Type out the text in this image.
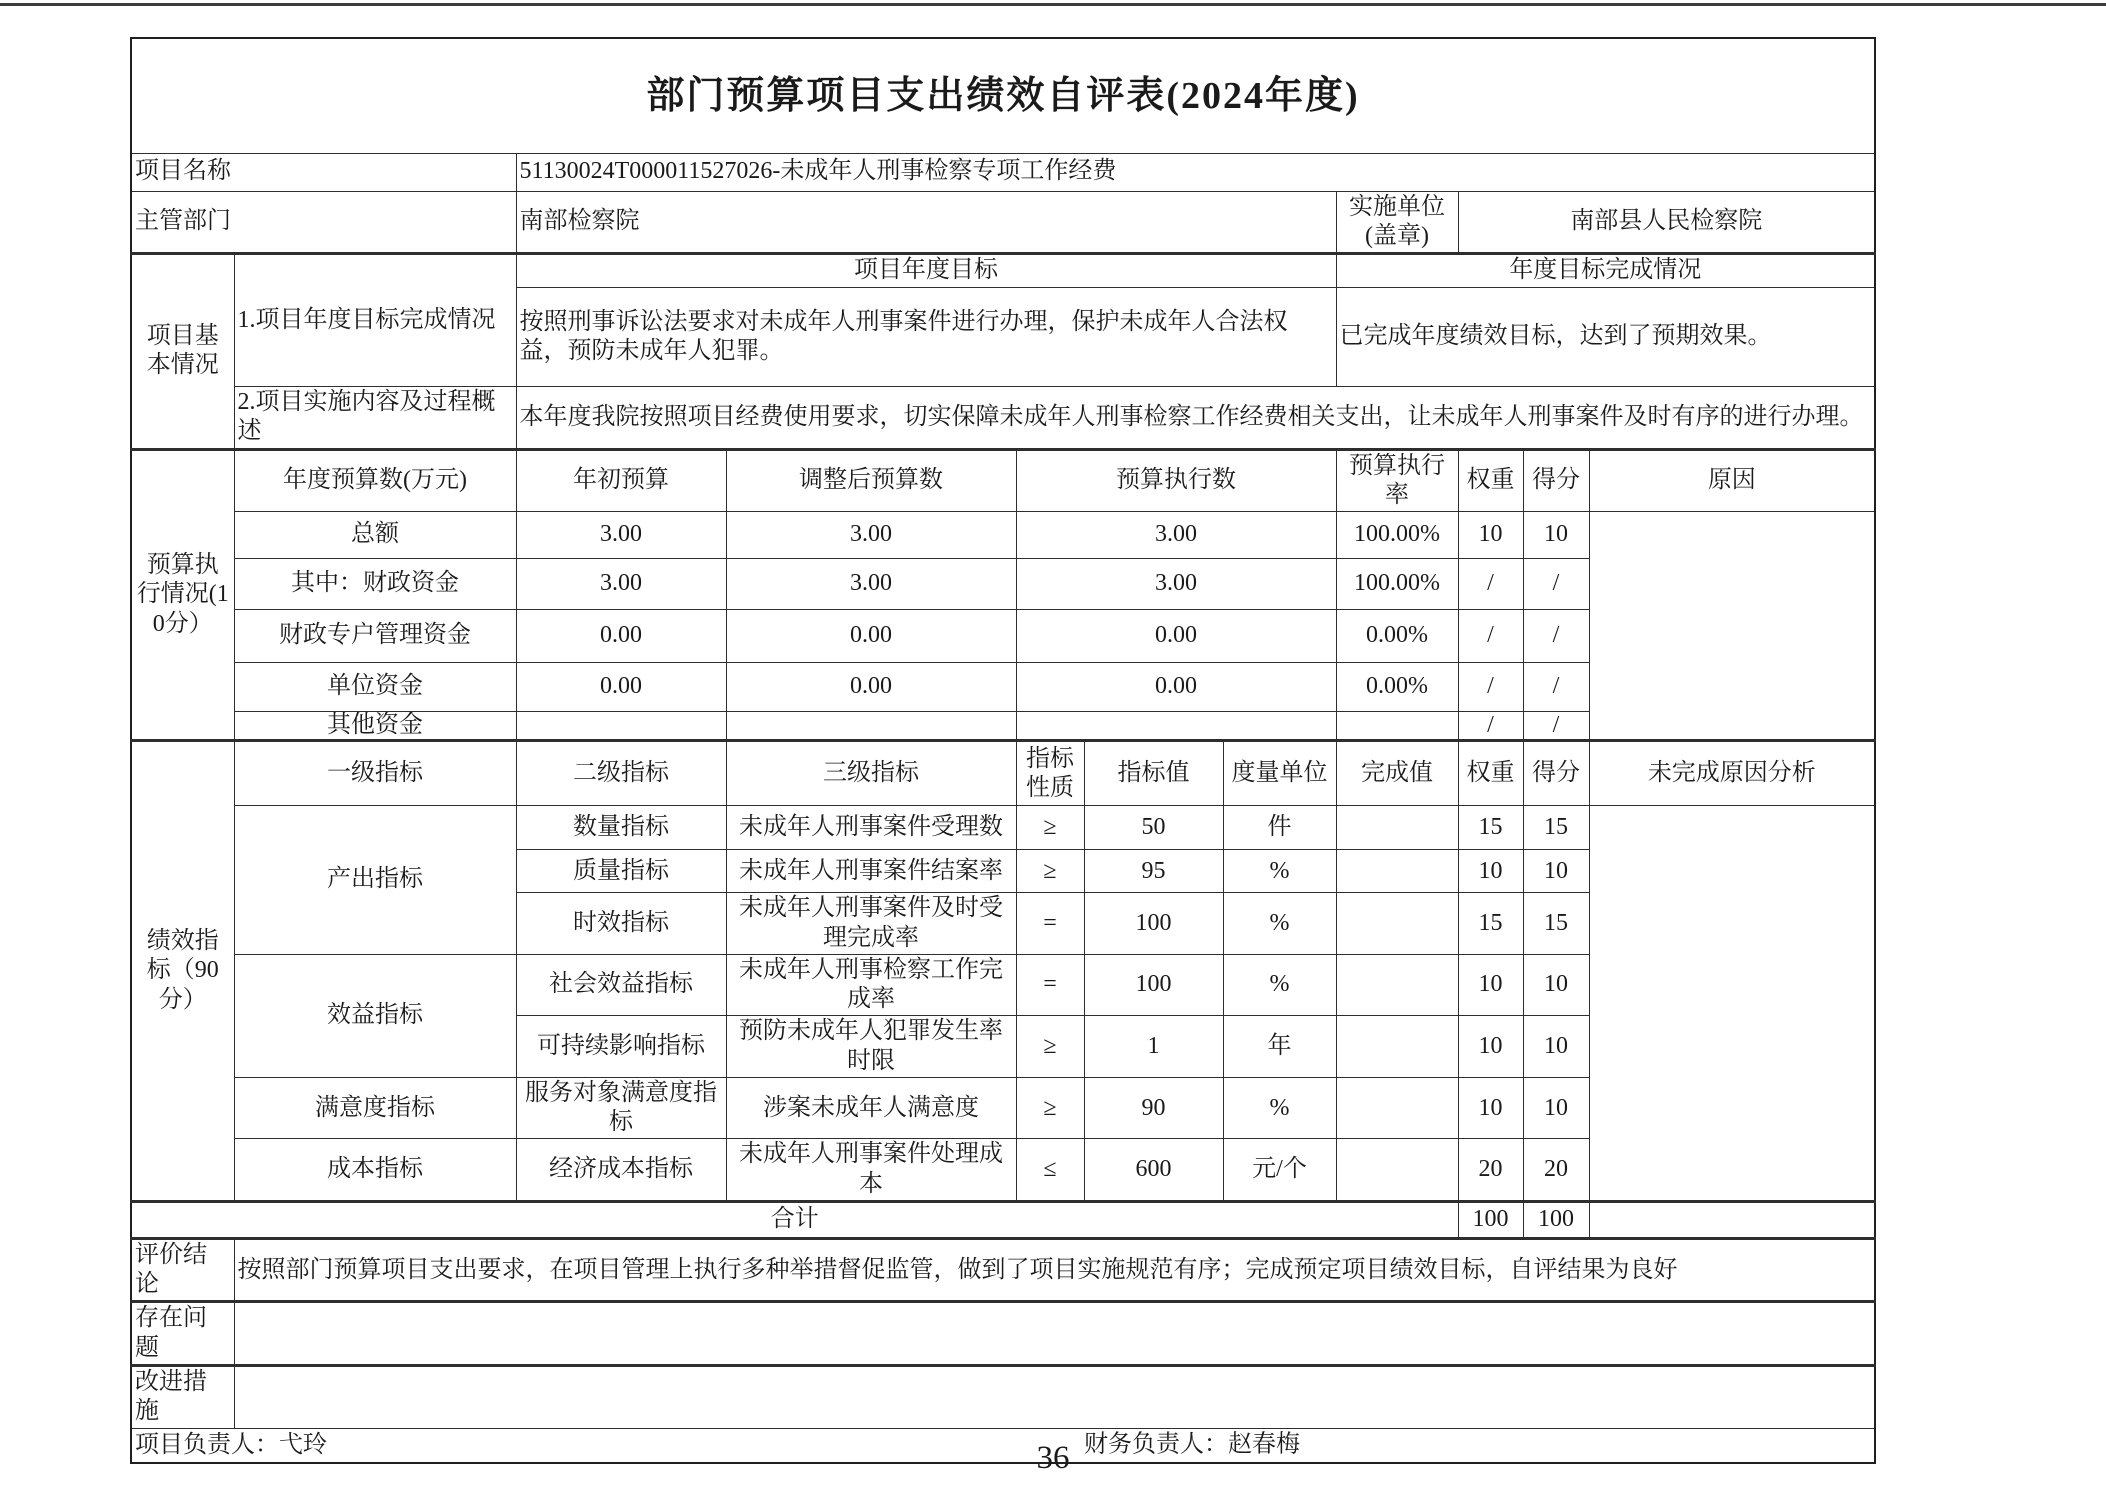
部门预算项目支出绩效自评表(2024年度)										
项目名称		51130024T000011527026-未成年人刑事检察专项工作经费								
主管部门		南部检察院					实施单位
(盖章)	南部县人民检察院		
项目基本情况	1.项目年度目标完成情况	项目年度目标					年度目标完成情况			
		按照刑事诉讼法要求对未成年人刑事案件进行办理，保护未成年人合法权益，预防未成年人犯罪。					已完成年度绩效目标，达到了预期效果。			
	2.项目实施内容及过程概述	本年度我院按照项目经费使用要求，切实保障未成年人刑事检察工作经费相关支出，让未成年人刑事案件及时有序的进行办理。								
预算执行情况(10分）	年度预算数(万元)	年初预算	调整后预算数	预算执行数			预算执行率	权重	得分	原因
	总额	3.00	3.00	3.00			100.00%	10	10	
	其中：财政资金	3.00	3.00	3.00			100.00%	/	/	
	财政专户管理资金	0.00	0.00	0.00			0.00%	/	/	
	单位资金	0.00	0.00	0.00			0.00%	/	/	
	其他资金							/	/	
绩效指标（90分）	一级指标	二级指标	三级指标	指标性质	指标值	度量单位	完成值	权重	得分	未完成原因分析
	产出指标	数量指标	未成年人刑事案件受理数	≥	50	件		15	15	
		质量指标	未成年人刑事案件结案率	≥	95	%		10	10	
		时效指标	未成年人刑事案件及时受理完成率	=	100	%		15	15	
	效益指标	社会效益指标	未成年人刑事检察工作完成率	=	100	%		10	10	
		可持续影响指标	预防未成年人犯罪发生率时限	≥	1	年		10	10	
	满意度指标	服务对象满意度指标	涉案未成年人满意度	≥	90	%		10	10	
	成本指标	经济成本指标	未成年人刑事案件处理成本	≤	600	元/个		20	20	
合计								100	100	
评价结论	按照部门预算项目支出要求，在项目管理上执行多种举措督促监管，做到了项目实施规范有序；完成预定项目绩效目标，自评结果为良好									
存在问题										
改进措施										
项目负责人：弋玲 财务负责人：赵春梅										
36
